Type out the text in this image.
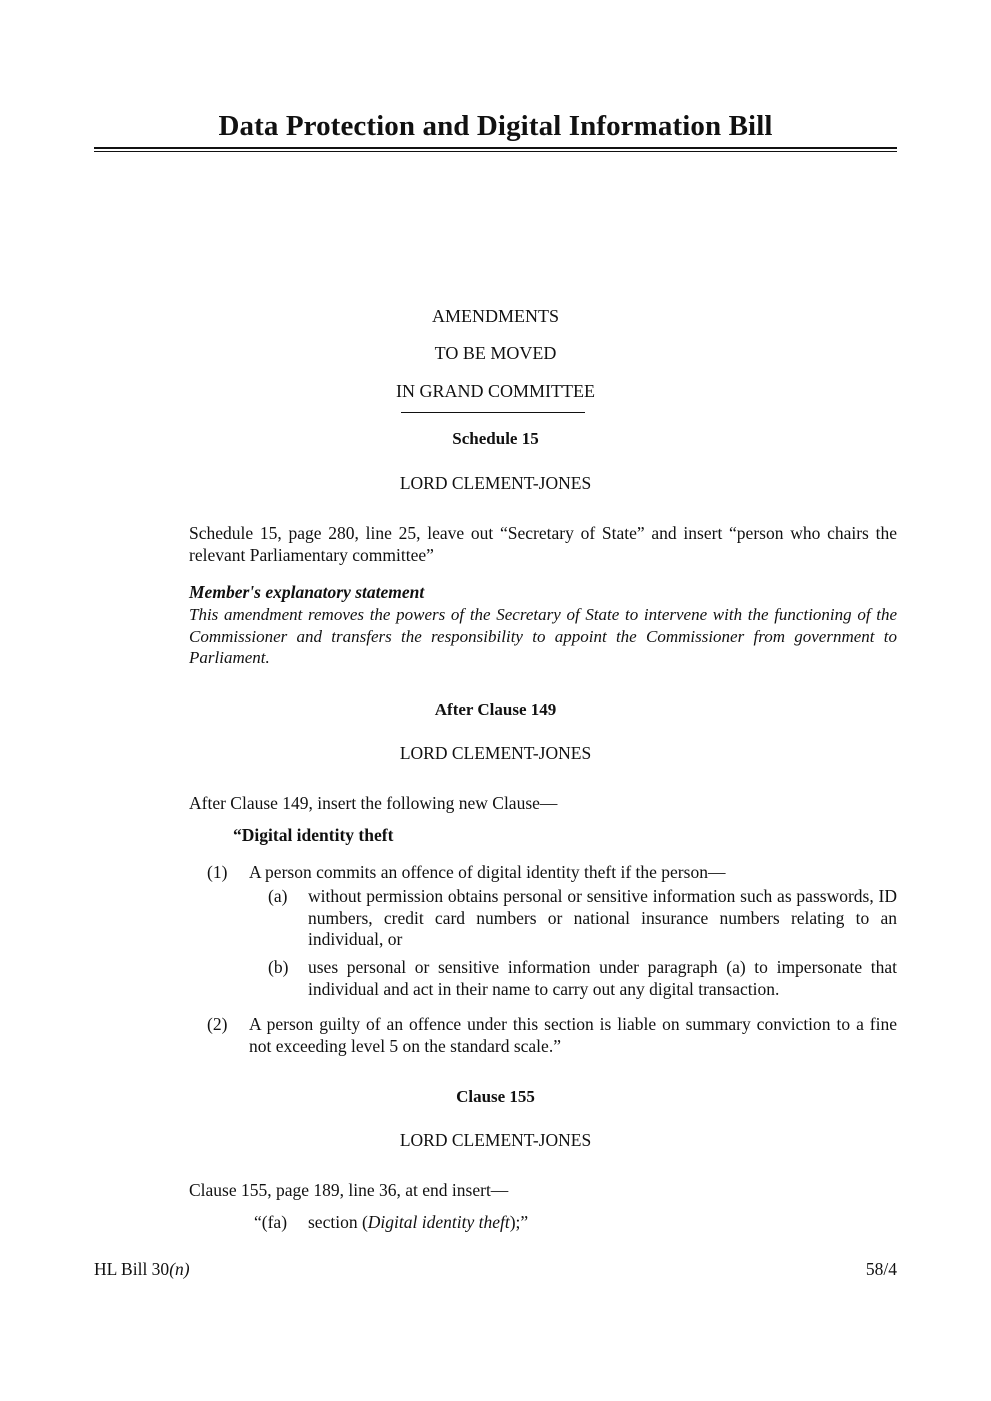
Data Protection and Digital Information Bill
AMENDMENTS
TO BE MOVED
IN GRAND COMMITTEE
Schedule 15
LORD CLEMENT-JONES
Schedule 15, page 280, line 25, leave out “Secretary of State” and insert “person who chairs the relevant Parliamentary committee”
Member's explanatory statement
This amendment removes the powers of the Secretary of State to intervene with the functioning of the Commissioner and transfers the responsibility to appoint the Commissioner from government to Parliament.
After Clause 149
LORD CLEMENT-JONES
After Clause 149, insert the following new Clause—
“Digital identity theft
(1) A person commits an offence of digital identity theft if the person—
(a) without permission obtains personal or sensitive information such as passwords, ID numbers, credit card numbers or national insurance numbers relating to an individual, or
(b) uses personal or sensitive information under paragraph (a) to impersonate that individual and act in their name to carry out any digital transaction.
(2) A person guilty of an offence under this section is liable on summary conviction to a fine not exceeding level 5 on the standard scale.”
Clause 155
LORD CLEMENT-JONES
Clause 155, page 189, line 36, at end insert—
“(fa) section (Digital identity theft);”
HL Bill 30(n)	58/4
